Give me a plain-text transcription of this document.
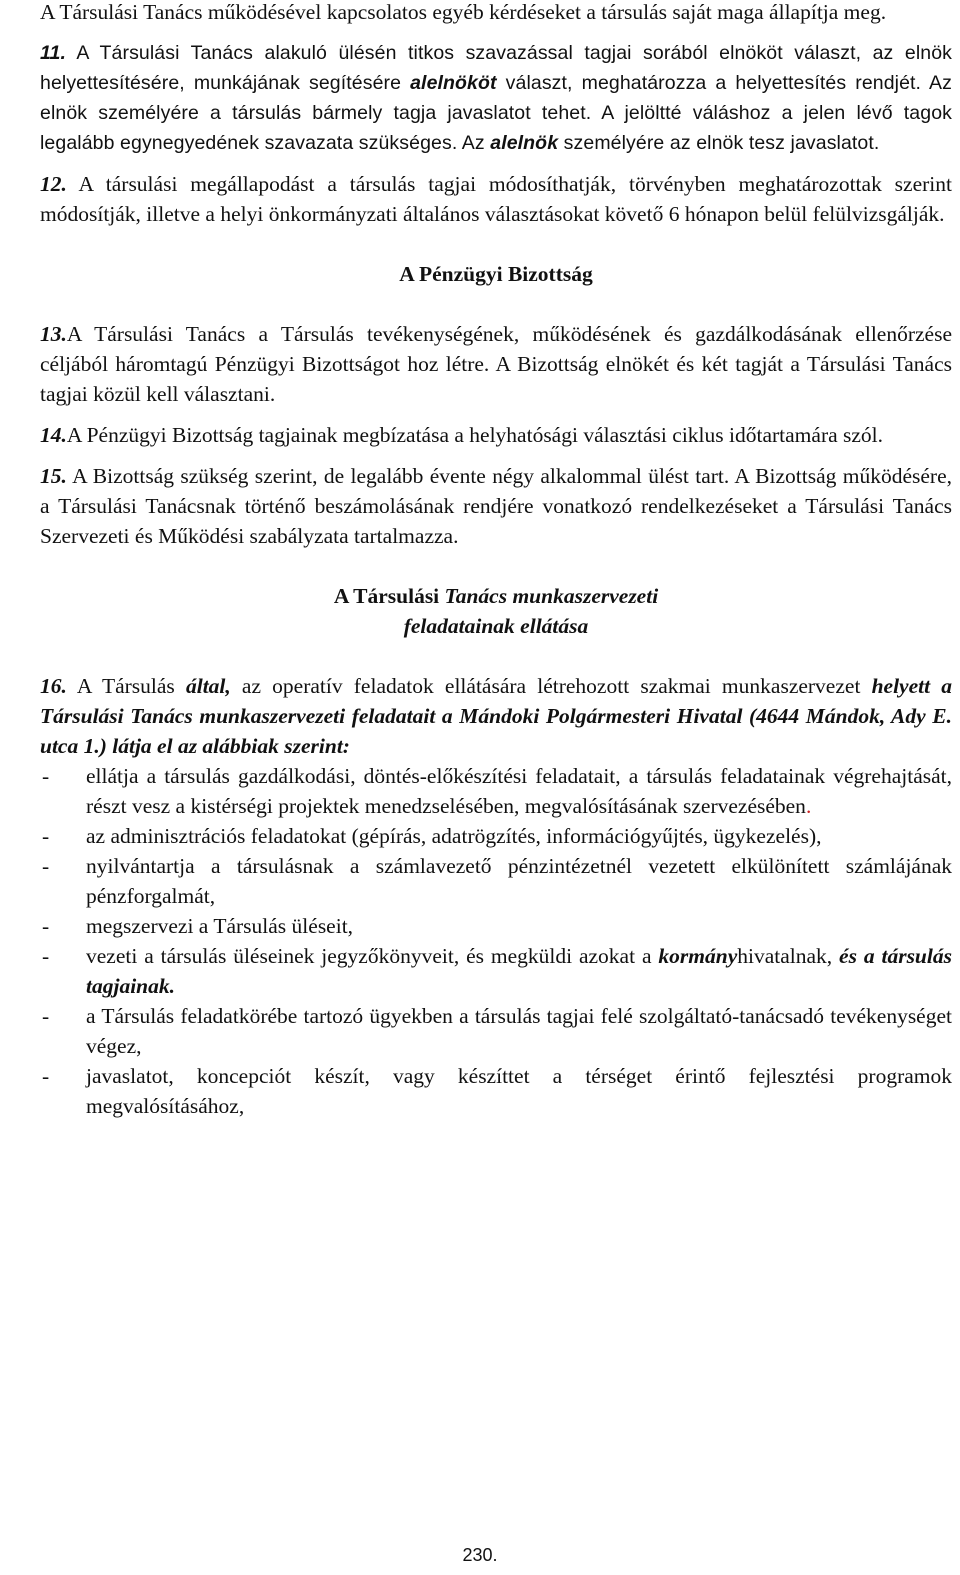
A Társulási Tanács működésével kapcsolatos egyéb kérdéseket a társulás saját maga állapítja meg.

11. A Társulási Tanács alakuló ülésén titkos szavazással tagjai sorából elnököt választ, az elnök helyettesítésére, munkájának segítésére alelnököt választ, meghatározza a helyettesítés rendjét. Az elnök személyére a társulás bármely tagja javaslatot tehet. A jelöltté váláshoz a jelen lévő tagok legalább egynegyedének szavazata szükséges. Az alelnök személyére az elnök tesz javaslatot.

12. A társulási megállapodást a társulás tagjai módosíthatják, törvényben meghatározottak szerint módosítják, illetve a helyi önkormányzati általános választásokat követő 6 hónapon belül felülvizsgálják.

A Pénzügyi Bizottság

13.A Társulási Tanács a Társulás tevékenységének, működésének és gazdálkodásának ellenőrzése céljából háromtagú Pénzügyi Bizottságot hoz létre. A Bizottság elnökét és két tagját a Társulási Tanács tagjai közül kell választani.

14.A Pénzügyi Bizottság tagjainak megbízatása a helyhatósági választási ciklus időtartamára szól.

15. A Bizottság szükség szerint, de legalább évente négy alkalommal ülést tart. A Bizottság működésére, a Társulási Tanácsnak történő beszámolásának rendjére vonatkozó rendelkezéseket a Társulási Tanács Szervezeti és Működési szabályzata tartalmazza.

A Társulási Tanács munkaszervezeti
feladatainak ellátása

16. A Társulás által, az operatív feladatok ellátására létrehozott szakmai munkaszervezet helyett a Társulási Tanács munkaszervezeti feladatait a Mándoki Polgármesteri Hivatal (4644 Mándok, Ady E. utca 1.) látja el az alábbiak szerint:

- ellátja a társulás gazdálkodási, döntés-előkészítési feladatait, a társulás feladatainak végrehajtását, részt vesz a kistérségi projektek menedzselésében, megvalósításának szervezésében.
- az adminisztrációs feladatokat (gépírás, adatrögzítés, információgyűjtés, ügykezelés),
- nyilvántartja a társulásnak a számlavezető pénzintézetnél vezetett elkülönített számlájának pénzforgalmát,
- megszervezi a Társulás üléseit,
- vezeti a társulás üléseinek jegyzőkönyveit, és megküldi azokat a kormányhivatalnak, és a társulás tagjainak.
- a Társulás feladatkörébe tartozó ügyekben a társulás tagjai felé szolgáltató-tanácsadó tevékenységet végez,
- javaslatot, koncepciót készít, vagy készíttet a térséget érintő fejlesztési programok megvalósításához,
230.
